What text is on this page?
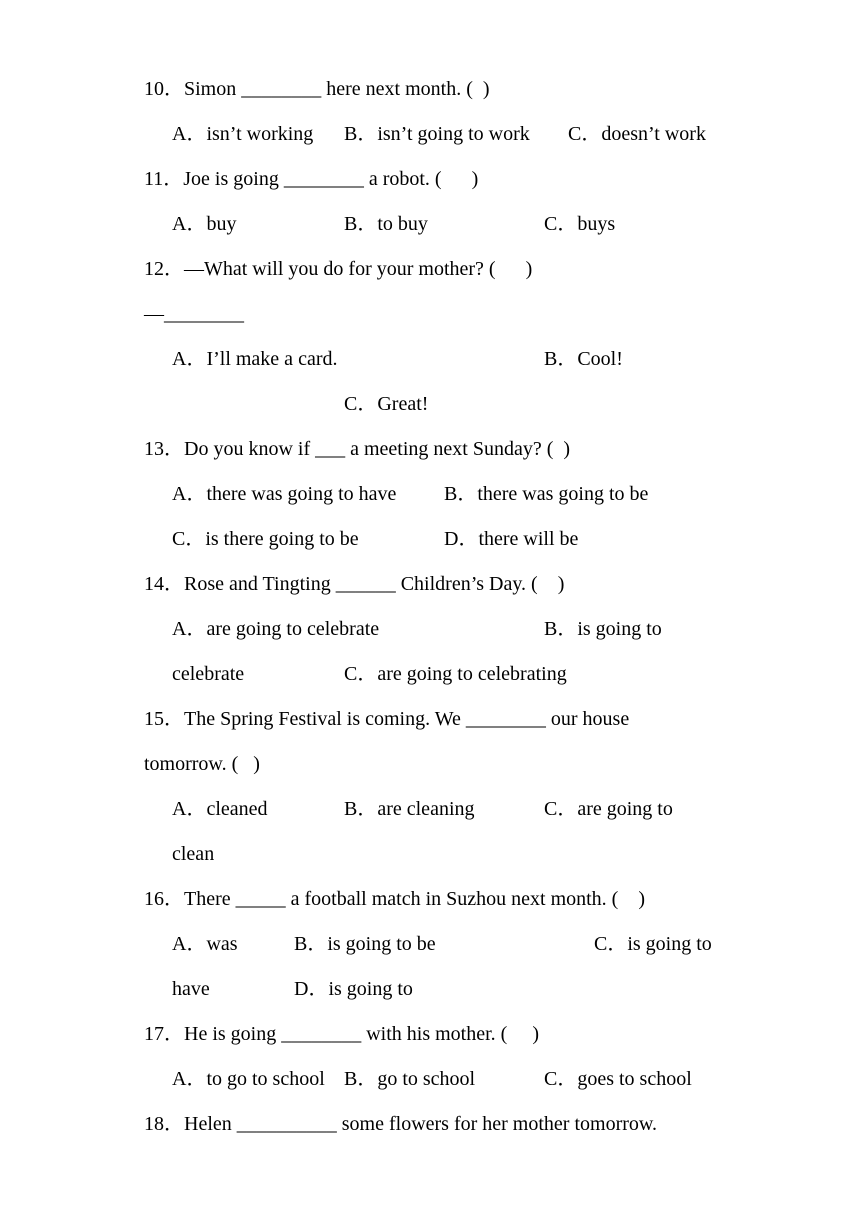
10．Simon ________ here next month. (  )
A．isn’t working B．isn’t going to work C．doesn’t work
11．Joe is going ________ a robot. (      )
A．buy	B．to buy	C．buys
12．—What will you do for your mother? (      )
—________
A．I’ll make a card.	B．Cool!
C．Great!
13．Do you know if ___ a meeting next Sunday? (  )
A．there was going to have B．there was going to be
C．is there going to be	D．there will be
14．Rose and Tingting ______ Children’s Day. (    )
A．are going to celebrate	B．is going to
celebrate	C．are going to celebrating
15．The Spring Festival is coming. We ________ our house
tomorrow. (   )
A．cleaned	B．are cleaning	C．are going to
clean
16．There _____ a football match in Suzhou next month. (    )
A．was	B．is going to be	C．is going to
have	D．is going to
17．He is going ________ with his mother. (     )
A．to go to school B．go to school	C．goes to school
18．Helen __________ some flowers for her mother tomorrow.
